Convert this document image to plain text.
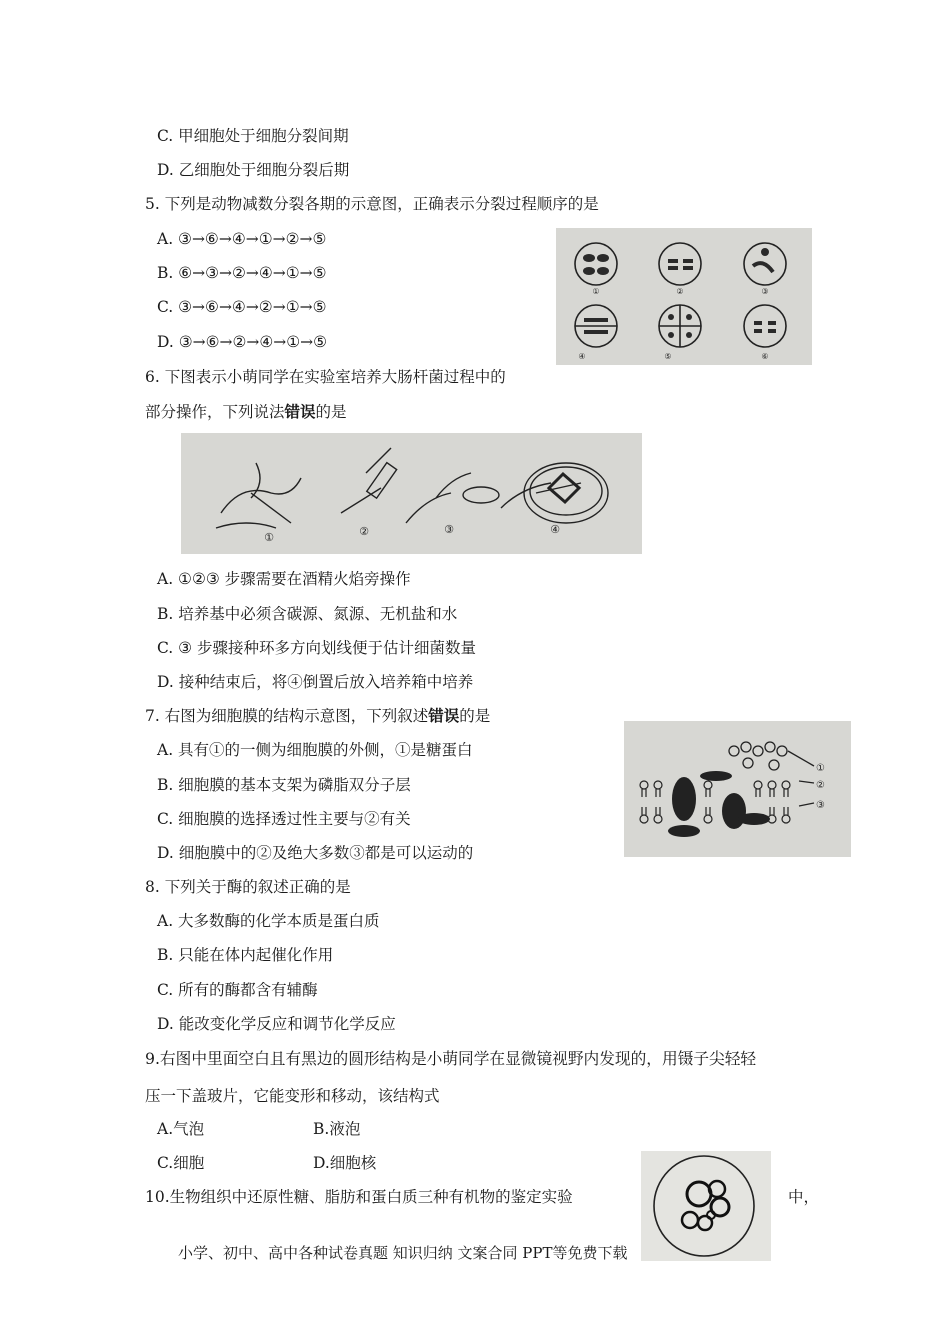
C. 甲细胞处于细胞分裂间期
D. 乙细胞处于细胞分裂后期
5. 下列是动物减数分裂各期的示意图，正确表示分裂过程顺序的是
A. ③→⑥→④→①→②→⑤
B. ⑥→③→②→④→①→⑤
C. ③→⑥→④→②→①→⑤
D. ③→⑥→②→④→①→⑤
①	②	③
④	⑤	⑥
6. 下图表示小萌同学在实验室培养大肠杆菌过程中的
部分操作，下列说法错误的是
①	②	③	④
A. ①②③ 步骤需要在酒精火焰旁操作
B. 培养基中必须含碳源、氮源、无机盐和水
C. ③ 步骤接种环多方向划线便于估计细菌数量
D. 接种结束后，将④倒置后放入培养箱中培养
7. 右图为细胞膜的结构示意图，下列叙述错误的是
A. 具有①的一侧为细胞膜的外侧，①是糖蛋白
B. 细胞膜的基本支架为磷脂双分子层
C. 细胞膜的选择透过性主要与②有关
D. 细胞膜中的②及绝大多数③都是可以运动的
①
②
③
8. 下列关于酶的叙述正确的是
A. 大多数酶的化学本质是蛋白质
B. 只能在体内起催化作用
C. 所有的酶都含有辅酶
D. 能改变化学反应和调节化学反应
9.右图中里面空白且有黑边的圆形结构是小萌同学在显微镜视野内发现的，用镊子尖轻轻
压一下盖玻片，它能变形和移动，该结构式
A.气泡	B.液泡
C.细胞	D.细胞核
10.生物组织中还原性糖、脂肪和蛋白质三种有机物的鉴定实验	中，
小学、初中、高中各种试卷真题 知识归纳 文案合同 PPT等免费下载
